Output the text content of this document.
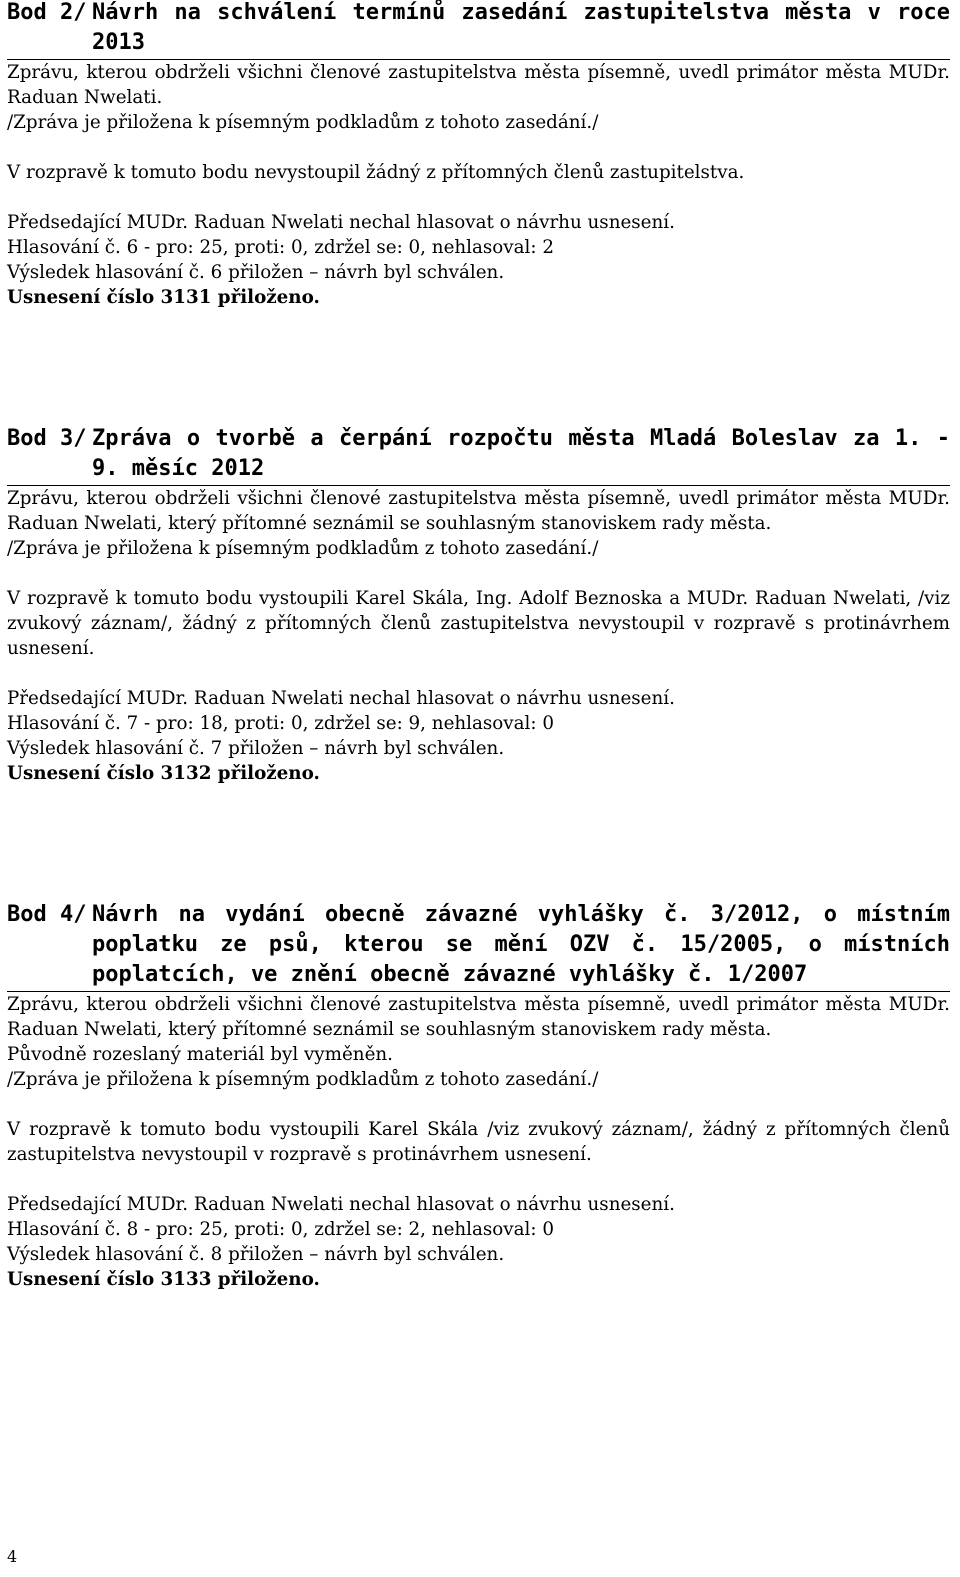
Bod 2/ Návrh na schválení termínů zasedání zastupitelstva města v roce 2013

Zprávu, kterou obdrželi všichni členové zastupitelstva města písemně, uvedl primátor města MUDr. Raduan Nwelati.

/Zpráva je přiložena k písemným podkladům z tohoto zasedání./

V rozpravě k tomuto bodu nevystoupil žádný z přítomných členů zastupitelstva.

Předsedající MUDr. Raduan Nwelati nechal hlasovat o návrhu usnesení.

Hlasování č. 6 - pro: 25, proti: 0, zdržel se: 0, nehlasoval: 2

Výsledek hlasování č. 6 přiložen – návrh byl schválen.

Usnesení číslo 3131 přiloženo.

Bod 3/ Zpráva o tvorbě a čerpání rozpočtu města Mladá Boleslav za 1. - 9. měsíc 2012

Zprávu, kterou obdrželi všichni členové zastupitelstva města písemně, uvedl primátor města MUDr. Raduan Nwelati, který přítomné seznámil se souhlasným stanoviskem rady města.

/Zpráva je přiložena k písemným podkladům z tohoto zasedání./

V rozpravě k tomuto bodu vystoupili Karel Skála, Ing. Adolf Beznoska a MUDr. Raduan Nwelati, /viz zvukový záznam/, žádný z přítomných členů zastupitelstva nevystoupil v rozpravě s protinávrhem usnesení.

Předsedající MUDr. Raduan Nwelati nechal hlasovat o návrhu usnesení.

Hlasování č. 7 - pro: 18, proti: 0, zdržel se: 9, nehlasoval: 0

Výsledek hlasování č. 7 přiložen – návrh byl schválen.

Usnesení číslo 3132 přiloženo.

Bod 4/ Návrh na vydání obecně závazné vyhlášky č. 3/2012, o místním poplatku ze psů, kterou se mění OZV č. 15/2005, o místních poplatcích, ve znění obecně závazné vyhlášky č. 1/2007

Zprávu, kterou obdrželi všichni členové zastupitelstva města písemně, uvedl primátor města MUDr. Raduan Nwelati, který přítomné seznámil se souhlasným stanoviskem rady města.

Původně rozeslaný materiál byl vyměněn.

/Zpráva je přiložena k písemným podkladům z tohoto zasedání./

V rozpravě k tomuto bodu vystoupili Karel Skála /viz zvukový záznam/, žádný z přítomných členů zastupitelstva nevystoupil v rozpravě s protinávrhem usnesení.

Předsedající MUDr. Raduan Nwelati nechal hlasovat o návrhu usnesení.

Hlasování č. 8 - pro: 25, proti: 0, zdržel se: 2, nehlasoval: 0

Výsledek hlasování č. 8 přiložen – návrh byl schválen.

Usnesení číslo 3133 přiloženo.

4
